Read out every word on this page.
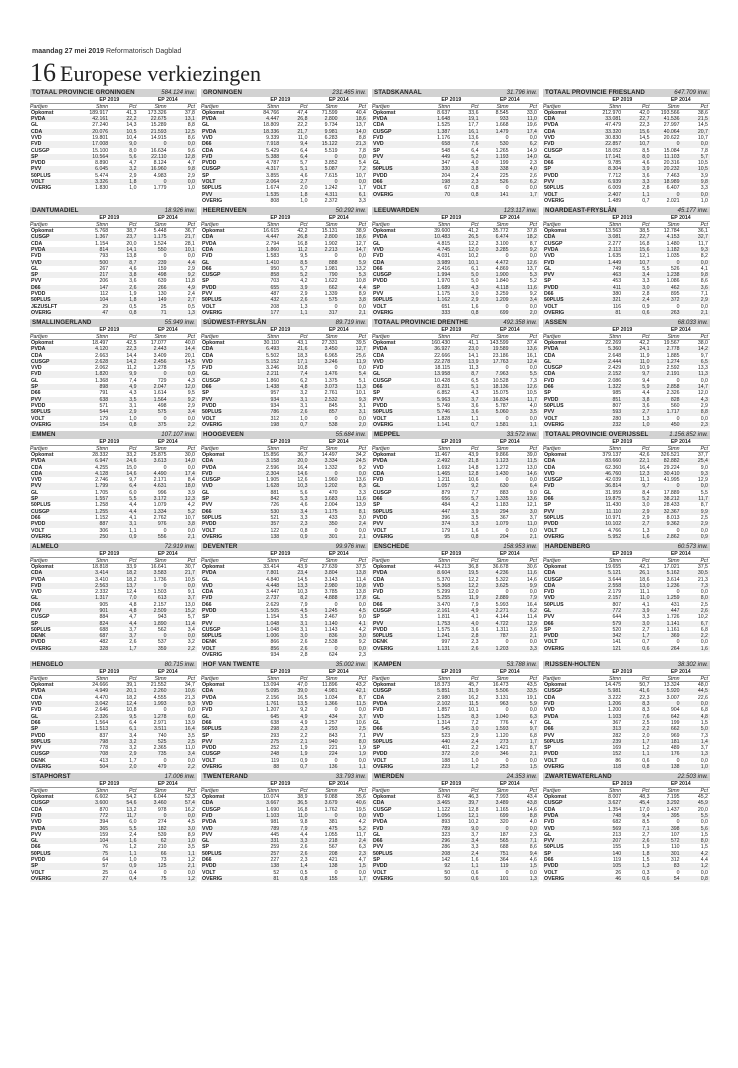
maandag 27 mei 2019 Reformatorisch Dagblad
16 Europese verkiezingen
TOTAAL PROVINCIE GRONINGEN	584.124 inw.
EP 2019	EP 2014
Partijen	Stmn	Pct	Stmn	Pct
Opkomst	189.917	41,3	173.326	37,8
PVDA	42.161	22,2	22.675	13,1
GL	27.240	14,3	15.289	8,8
CDA	20.076	10,5	21.593	12,5
VVD	19.801	10,4	14.915	8,6
FVD	17.008	9,0	0	0,0
CUSGP	15.100	8,0	16.634	9,6
SP	10.564	5,6	22.110	12,8
PVDD	8.890	4,7	8.124	4,7
PVV	6.045	3,2	16.960	9,8
50PLUS	5.474	2,9	4.983	2,9
VOLT	3.326	1,8	0	0,0
OVERIG	1.830	1,0	1.779	1,0
GRONINGEN	231.465 inw.
EP 2019	EP 2014
Partijen	Stmn	Pct	Stmn	Pct
Opkomst	84.766	47,4	71.599	40,4
PVDA	4.447	26,8	2.800	18,6
GL	18.809	22,2	9.734	13,7
PVDA	18.336	21,7	9.981	14,0
VVD	9.339	11,0	6.283	8,8
D66	7.918	9,4	15.122	21,3
CDA	5.429	6,4	5.519	7,8
FVD	5.388	6,4	0	0,0
PVDD	4.787	5,7	3.852	5,4
CUSGP	4.317	5,1	5.087	7,2
SP	3.855	4,6	7.615	10,7
VOLT	2.064	2,7	0	0,0
50PLUS	1.674	2,0	1.242	1,7
PVV	1.535	1,8	4.311	6,1
OVERIG	808	1,0	2.372	3,3
STADSKANAAL	31.796 inw.
EP 2019	EP 2014
Partijen	Stmn	Pct	Stmn	Pct
Opkomst	8.637	33,6	8.545	33,0
PVDA	1.648	19,1	933	11,0
CDA	1.525	17,7	1.668	19,6
CUSGP	1.387	16,1	1.479	17,4
FVD	1.176	13,6	0	0,0
VVD	658	7,6	530	6,2
SP	548	6,4	1.265	14,9
PVV	449	5,2	1.193	14,0
GL	347	4,0	199	2,3
50PLUS	330	3,8	338	4,0
PVDD	204	2,4	225	2,6
D66	198	2,3	526	6,2
VOLT	67	0,8	0	0,0
OVERIG	70	0,8	141	1,7
TOTAAL PROVINCIE FRIESLAND	647.709 inw.
EP 2019	EP 2014
Partijen	Stmn	Pct	Stmn	Pct
Opkomst	212.970	42,0	193.566	38,6
CDA	33.081	22,7	41.536	21,5
PVDA	47.479	22,3	27.997	14,5
CDA	33.320	15,6	40.064	20,7
VVD	30.830	14,5	20.622	10,7
FVD	22.857	10,7	0	0,0
CUSGP	18.052	8,5	15.084	7,8
GL	17.141	8,0	11.103	5,7
D66	9.785	4,6	20.316	10,5
SP	8.304	3,9	20.232	10,5
PVDD	7.712	3,6	7.463	3,9
PVV	6.939	3,3	18.989	9,8
50PLUS	6.009	2,8	6.407	3,3
VOLT	2.407	1,1	0	0,0
OVERIG	1.489	0,7	2.021	1,0
DANTUMADIEL	18.926 inw.
EP 2019	EP 2014
Partijen	Stmn	Pct	Stmn	Pct
Opkomst	5.768	38,7	5.448	36,7
CUSGP	1.367	23,7	1.175	21,7
CDA	1.154	20,0	1.524	28,1
PVDA	814	14,1	550	10,1
FVD	793	13,8	0	0,0
VVD	500	8,7	239	4,4
GL	267	4,6	159	2,9
SP	217	3,8	498	9,2
PVV	206	3,6	639	11,8
D66	147	2,6	266	4,9
PVDD	112	1,9	130	2,4
50PLUS	104	1,8	149	2,7
JEZUSLFT	29	0,5	25	0,5
OVERIG	47	0,8	71	1,3
HEERENVEEN	50.292 inw.
EP 2019	EP 2014
Partijen	Stmn	Pct	Stmn	Pct
Opkomst	16.615	42,2	15.131	38,9
CDA	4.447	26,8	2.800	18,6
PVDA	2.794	16,8	1.902	12,7
CDA	1.860	11,2	2.213	14,7
FVD	1.583	9,5	0	0,0
GL	1.410	8,5	888	5,9
D66	950	5,7	1.981	13,2
CUSGP	858	5,2	790	5,3
SP	703	4,2	1.622	10,8
PVDD	655	3,9	662	4,4
PVV	487	2,9	1.339	8,9
50PLUS	432	2,6	575	3,8
VOLT	208	1,3	0	0,0
OVERIG	177	1,1	317	2,1
LEEUWARDEN	123.117 inw.
EP 2019	EP 2014
Partijen	Stmn	Pct	Stmn	Pct
Opkomst	39.600	41,2	35.772	37,8
PVDA	10.483	26,5	6.474	18,2
GL	4.815	12,2	3.100	8,7
VVD	4.745	12,0	3.285	9,2
FVD	4.031	10,2	0	0,0
CDA	3.989	10,1	4.472	12,6
D66	2.416	6,1	4.869	13,7
CUSGP	1.994	5,0	1.900	5,3
PVDD	1.970	5,0	1.840	5,2
SP	1.689	4,3	4.118	11,6
PVV	1.175	3,0	3.259	9,2
50PLUS	1.162	2,9	1.209	3,4
VOLT	651	1,6	0	0,0
OVERIG	333	0,8	699	2,0
NOARDEAST-FRYSLÂN	45.177 inw.
EP 2019	EP 2014
Partijen	Stmn	Pct	Stmn	Pct
Opkomst	13.563	38,5	12.784	36,1
CDA	3.081	22,7	4.153	32,7
CUSGP	2.277	16,8	1.480	11,7
PVDA	2.113	15,6	1.182	9,3
VVD	1.635	12,1	1.035	8,2
FVD	1.449	10,7	0	0,0
GL	749	5,5	526	4,1
PVV	463	3,4	1.238	9,8
SP	453	3,3	1.086	8,6
PVDD	411	3,0	462	3,6
D66	380	2,8	895	7,1
50PLUS	321	2,4	372	2,9
VOLT	116	0,9	0	0,0
OVERIG	81	0,6	263	2,1
SMALLINGERLAND	55.949 inw.
EP 2019	EP 2014
Partijen	Stmn	Pct	Stmn	Pct
Opkomst	18.497	42,5	17.077	40,0
PVDA	4.120	22,3	2.443	14,4
CDA	2.663	14,4	3.409	20,1
CUSGP	2.628	14,2	2.456	14,5
VVD	2.062	11,2	1.278	7,5
FVD	1.820	9,9	0	0,0
GL	1.368	7,4	729	4,3
SP	898	4,9	2.047	12,0
D66	791	4,3	1.614	9,5
PVV	638	3,5	1.564	9,2
PVDD	571	3,1	498	2,9
50PLUS	544	2,9	575	3,4
VOLT	179	1,0	0	0,0
OVERIG	154	0,8	375	2,2
SÚDWEST-FRYSLÂN	89.719 inw.
EP 2019	EP 2014
Partijen	Stmn	Pct	Stmn	Pct
Opkomst	30.110	43,1	27.331	39,5
CDA	6.493	21,6	3.450	12,7
CDA	5.502	18,3	6.965	25,6
VVD	5.152	17,1	3.246	11,9
FVD	3.246	10,8	0	0,0
GL	2.211	7,4	1.476	5,4
CUSGP	1.860	6,2	1.375	5,1
D66	1.438	4,8	3.073	11,3
SP	957	3,2	2.761	10,1
PVV	934	3,1	2.532	9,3
PVDD	934	3,1	845	3,1
50PLUS	786	2,6	857	3,1
VOLT	312	1,0	0	0,0
OVERIG	198	0,7	538	2,0
TOTAAL PROVINCIE DRENTHE	492.358 inw.
EP 2019	EP 2014
Partijen	Stmn	Pct	Stmn	Pct
Opkomst	160.430	41,1	143.599	37,4
PVDA	36.927	23,0	19.589	13,6
CDA	22.666	14,1	23.186	16,1
VVD	22.278	13,9	17.763	12,4
FVD	18.115	11,3	0	0,0
GL	13.958	8,7	7.963	5,5
CUSGP	10.428	6,5	10.528	7,3
D66	8.231	5,1	18.136	12,6
SP	6.852	4,3	15.075	10,5
PVV	5.963	3,7	16.834	11,7
PVDD	5.749	3,6	5.787	4,0
50PLUS	5.746	3,6	5.060	3,5
VOLT	1.828	1,1	0	0,0
OVERIG	1.141	0,7	1.581	1,1
ASSEN	68.033 inw.
EP 2019	EP 2014
Partijen	Stmn	Pct	Stmn	Pct
Opkomst	22.269	42,2	19.567	38,0
PVDA	5.360	24,1	2.778	14,2
CDA	2.648	11,9	1.885	9,7
GL	2.444	11,0	1.274	6,5
CUSGP	2.429	10,9	2.592	13,3
CDA	2.152	9,7	2.191	11,3
FVD	2.086	9,4	0	0,0
D66	1.322	5,9	2.858	14,7
SP	985	4,4	2.326	12,0
PVDD	851	3,8	828	4,3
50PLUS	807	3,6	560	2,9
PVV	593	2,7	1.717	8,8
VOLT	280	1,3	0	0,0
OVERIG	232	1,0	450	2,3
EMMEN	107.107 inw.
EP 2019	EP 2014
Partijen	Stmn	Pct	Stmn	Pct
Opkomst	28.332	33,2	25.875	30,0
PVDA	6.947	24,6	3.613	14,0
CDA	4.255	15,0	0	0,0
CDA	4.128	14,6	4.490	17,4
VVD	2.746	9,7	2.171	8,4
PVV	1.799	6,4	4.631	18,0
GL	1.705	6,0	996	3,9
SP	1.557	5,5	3.172	12,3
50PLUS	1.258	4,4	1.079	4,2
CUSGP	1.255	4,4	1.334	5,2
D66	1.152	4,1	2.762	10,7
PVDD	887	3,1	976	3,8
VOLT	306	1,1	0	0,0
OVERIG	250	0,9	556	2,1
HOOGEVEEN	55.684 inw.
EP 2019	EP 2014
Partijen	Stmn	Pct	Stmn	Pct
Opkomst	15.856	36,7	14.497	34,2
CDA	3.158	20,0	3.334	24,5
PVDA	2.596	16,4	1.332	9,2
FVD	2.304	14,6	0	0,0
CUSGP	1.905	12,6	1.960	13,6
VVD	1.628	10,3	1.202	8,3
GL	881	5,6	470	3,3
SP	842	5,3	1.683	11,6
PVV	726	4,6	2.004	13,9
D66	530	3,4	1.175	8,1
50PLUS	521	3,3	433	3,0
PVDD	357	2,3	350	2,4
VOLT	122	0,8	0	0,0
OVERIG	138	0,9	301	2,1
MEPPEL	33.572 inw.
EP 2019	EP 2014
Partijen	Stmn	Pct	Stmn	Pct
Opkomst	11.467	43,9	9.866	39,0
PVDA	2.492	21,8	1.123	11,5
VVD	1.692	14,8	1.272	13,0
CDA	1.465	12,8	1.430	14,6
FVD	1.211	10,6	0	0,0
GL	1.057	9,2	630	6,4
CUSGP	879	7,7	883	9,0
D66	656	5,7	1.335	13,6
SP	484	4,2	1.183	12,1
50PLUS	447	3,9	294	3,0
PVDD	396	3,5	367	3,7
PVV	374	3,3	1.079	11,0
VOLT	179	1,6	0	0,0
OVERIG	95	0,8	204	2,1
TOTAAL PROVINCIE OVERIJSSEL	1.156.852 inw.
EP 2019	EP 2014
Partijen	Stmn	Pct	Stmn	Pct
Opkomst	379.137	42,6	326.521	37,7
CDA	83.660	22,1	82.882	25,4
CDA	62.360	16,4	29.224	9,0
VVD	46.760	12,3	30.410	9,3
CUSGP	42.039	11,1	41.995	12,9
FVD	36.814	9,7	0	0,0
GL	31.959	8,4	17.889	5,5
D66	19.875	5,2	38.212	11,7
SP	11.430	3,0	28.433	8,7
PVV	11.110	2,9	32.367	9,9
50PLUS	10.971	2,9	8.013	2,5
PVDD	10.102	2,7	9.362	2,9
VOLT	4.766	1,3	0	0,0
OVERIG	5.952	1,6	2.862	0,9
ALMELO	72.919 inw.
EP 2019	EP 2014
Partijen	Stmn	Pct	Stmn	Pct
Opkomst	18.818	33,9	16.641	30,7
CDA	3.414	18,2	3.583	21,7
PVDA	3.410	18,2	1.736	10,5
FVD	2.563	13,7	0	0,0
VVD	2.332	12,4	1.503	9,1
GL	1.317	7,0	613	3,7
D66	905	4,8	2.157	13,0
PVV	901	4,8	2.509	15,2
CUSGP	884	4,7	943	5,7
SP	824	4,4	1.890	11,4
50PLUS	688	3,7	562	3,4
DENK	687	3,7	0	0,0
PVDD	482	2,6	537	3,2
OVERIG	328	1,7	359	2,2
DEVENTER	99.976 inw.
EP 2019	EP 2014
Partijen	Stmn	Pct	Stmn	Pct
Opkomst	33.414	43,9	27.639	37,5
PVDA	7.801	23,4	3.804	13,8
GL	4.840	14,5	3.143	11,4
VVD	4.448	13,3	2.980	10,8
CDA	3.447	10,3	3.785	13,8
FVD	2.737	8,2	4.888	17,8
D66	2.629	7,9	0	0,0
PVDD	1.505	4,5	1.245	4,5
SP	1.154	3,5	2.467	9,0
PVV	1.048	3,1	1.140	4,1
CUSGP	1.048	3,1	1.143	4,2
50PLUS	1.006	3,0	836	3,0
DENK	866	2,6	2.538	9,2
VOLT	856	2,6	0	0,0
OVERIG	934	2,8	624	2,3
ENSCHEDE	158.953 inw.
EP 2019	EP 2014
Partijen	Stmn	Pct	Stmn	Pct
Opkomst	44.213	36,8	36.678	30,6
PVDA	8.604	19,5	4.236	11,6
CDA	5.370	12,2	5.322	14,6
VVD	5.368	12,2	3.625	9,9
FVD	5.299	12,0	0	0,0
GL	5.255	11,9	2.889	7,9
D66	3.470	7,9	5.993	16,4
CUSGP	2.161	4,9	2.271	6,2
SP	1.811	4,1	4.144	11,4
PVV	1.753	4,0	4.722	12,9
PVDD	1.575	3,6	1.311	3,6
50PLUS	1.241	2,8	787	2,1
DENK	997	2,3	0	0,0
OVERIG	1.131	2,6	1.203	3,3
HARDENBERG	60.573 inw.
EP 2019	EP 2014
Partijen	Stmn	Pct	Stmn	Pct
Opkomst	19.655	42,1	17.021	37,5
CDA	5.121	26,1	5.162	30,5
CUSGP	3.644	18,6	3.614	21,3
CDA	2.558	13,0	1.236	7,3
FVD	2.179	11,1	0	0,0
VVD	2.157	11,0	1.259	8,0
50PLUS	807	4,1	431	2,5
GL	772	3,9	447	2,6
PVV	644	3,3	1.726	10,2
D66	579	3,0	1.141	6,7
SP	520	2,7	1.161	6,8
PVDD	342	1,7	369	2,2
VOLT	141	0,7	0	0,0
OVERIG	121	0,6	264	1,6
HENGELO	80.715 inw.
EP 2019	EP 2014
Partijen	Stmn	Pct	Stmn	Pct
Opkomst	24.666	39,1	21.552	34,7
PVDA	4.949	20,1	2.260	10,6
CDA	4.470	18,2	4.555	21,3
VVD	3.042	12,4	1.993	9,3
FVD	2.646	10,8	0	0,0
GL	2.326	9,5	1.278	6,0
D66	1.564	6,4	2.971	13,9
SP	1.513	6,1	3.511	16,4
PVDD	837	3,4	740	3,5
50PLUS	798	3,2	525	2,5
PVV	778	3,2	2.365	11,0
CUSGP	708	2,9	735	3,4
DENK	413	1,7	0	0,0
OVERIG	504	2,0	479	2,2
HOF VAN TWENTE	35.002 inw.
EP 2019	EP 2014
Partijen	Stmn	Pct	Stmn	Pct
Opkomst	13.094	47,0	11.896	43,2
CDA	5.095	39,0	4.981	42,1
PVDA	2.156	16,5	1.034	8,7
VVD	1.761	13,5	1.366	11,5
FVD	1.207	9,2	0	0,0
GL	645	4,9	434	3,7
D66	638	4,9	1.257	10,6
50PLUS	298	2,3	293	2,5
SP	293	2,2	843	7,1
PVV	275	2,1	940	8,0
PVDD	252	1,9	221	1,9
CUSGP	248	1,9	224	1,9
VOLT	119	0,9	0	0,0
OVERIG	88	0,7	136	1,1
KAMPEN	53.788 inw.
EP 2019	EP 2014
Partijen	Stmn	Pct	Stmn	Pct
Opkomst	18.373	45,7	16.473	43,5
CUSGP	5.851	31,9	5.506	33,5
CDA	2.980	16,2	3.131	19,1
PVDA	2.102	11,5	963	5,9
FVD	1.857	10,1	0	0,0
VVD	1.525	8,3	1.040	6,3
GL	1.314	7,2	776	4,7
D66	545	3,0	1.593	9,7
PVV	523	2,9	1.120	6,8
50PLUS	440	2,4	273	1,7
SP	401	2,2	1.421	8,7
PVDD	372	2,0	346	2,1
VOLT	188	1,0	0	0,0
OVERIG	223	1,2	253	1,5
RIJSSEN-HOLTEN	38.302 inw.
EP 2019	EP 2014
Partijen	Stmn	Pct	Stmn	Pct
Opkomst	14.475	50,7	13.324	48,0
CUSGP	5.981	41,6	5.920	44,5
CDA	3.222	22,3	3.007	22,6
FVD	1.206	8,3	0	0,0
VVD	1.200	8,3	904	6,8
PVDA	1.103	7,6	642	4,8
GL	367	2,5	199	1,5
D66	313	2,2	662	5,0
PVV	282	2,0	969	7,3
50PLUS	239	1,7	181	1,4
SP	169	1,2	489	3,7
PVDD	152	1,1	176	1,3
VOLT	86	0,6	0	0,0
OVERIG	118	0,8	138	1,0
STAPHORST	17.006 inw.
EP 2019	EP 2014
Partijen	Stmn	Pct	Stmn	Pct
Opkomst	6.602	54,2	6.044	52,3
CUSGP	3.600	54,6	3.460	57,4
CDA	870	13,2	978	16,2
FVD	772	11,7	0	0,0
VVD	394	6,0	274	4,5
PVDA	365	5,5	182	3,0
PVV	159	2,4	539	8,9
GL	104	1,6	62	1,0
D66	76	1,2	210	3,5
50PLUS	75	1,1	66	1,1
PVDD	64	1,0	73	1,2
SP	57	0,9	125	2,1
VOLT	25	0,4	0	0,0
OVERIG	27	0,4	75	1,2
TWENTERAND	33.793 inw.
EP 2019	EP 2014
Partijen	Stmn	Pct	Stmn	Pct
Opkomst	10.074	38,9	9.088	35,6
CDA	3.667	36,5	3.679	40,6
CUSGP	1.690	16,8	1.762	19,5
FVD	1.103	11,0	0	0,0
PVDA	981	9,8	381	4,2
VVD	789	7,9	475	5,2
PVV	445	4,4	1.055	11,7
GL	331	3,3	218	2,4
SP	259	2,6	567	6,3
50PLUS	257	2,6	208	2,3
D66	227	2,3	421	4,7
PVDD	138	1,4	138	1,5
VOLT	52	0,5	0	0,0
OVERIG	81	0,8	155	1,7
WIERDEN	24.353 inw.
EP 2019	EP 2014
Partijen	Stmn	Pct	Stmn	Pct
Opkomst	8.749	46,3	7.993	43,4
CDA	3.465	39,7	3.489	43,8
CUSGP	1.122	12,8	1.165	14,6
VVD	1.056	12,1	699	8,8
PVDA	893	10,2	320	4,0
FVD	789	9,0	0	0,0
GL	323	3,7	187	2,3
D66	296	3,4	565	7,1
PVV	286	3,3	688	8,6
50PLUS	208	2,4	751	9,4
SP	142	1,6	364	4,6
PVDD	92	1,1	119	1,5
VOLT	50	0,6	0	0,0
OVERIG	50	0,6	101	1,3
ZWARTEWATERLAND	22.503 inw.
EP 2019	EP 2014
Partijen	Stmn	Pct	Stmn	Pct
Opkomst	8.007	48,3	7.195	45,2
CUSGP	3.627	45,4	3.292	45,9
CDA	1.354	17,0	1.437	20,0
PVDA	748	9,4	395	5,5
FVD	682	8,5	0	0,0
VVD	569	7,1	398	5,6
GL	213	2,7	107	1,5
PVV	207	2,6	572	8,0
50PLUS	155	1,9	110	1,5
SP	140	1,8	301	4,2
D66	119	1,5	312	4,4
PVDD	105	1,3	83	1,2
VOLT	26	0,3	0	0,0
OVERIG	46	0,6	54	0,8
